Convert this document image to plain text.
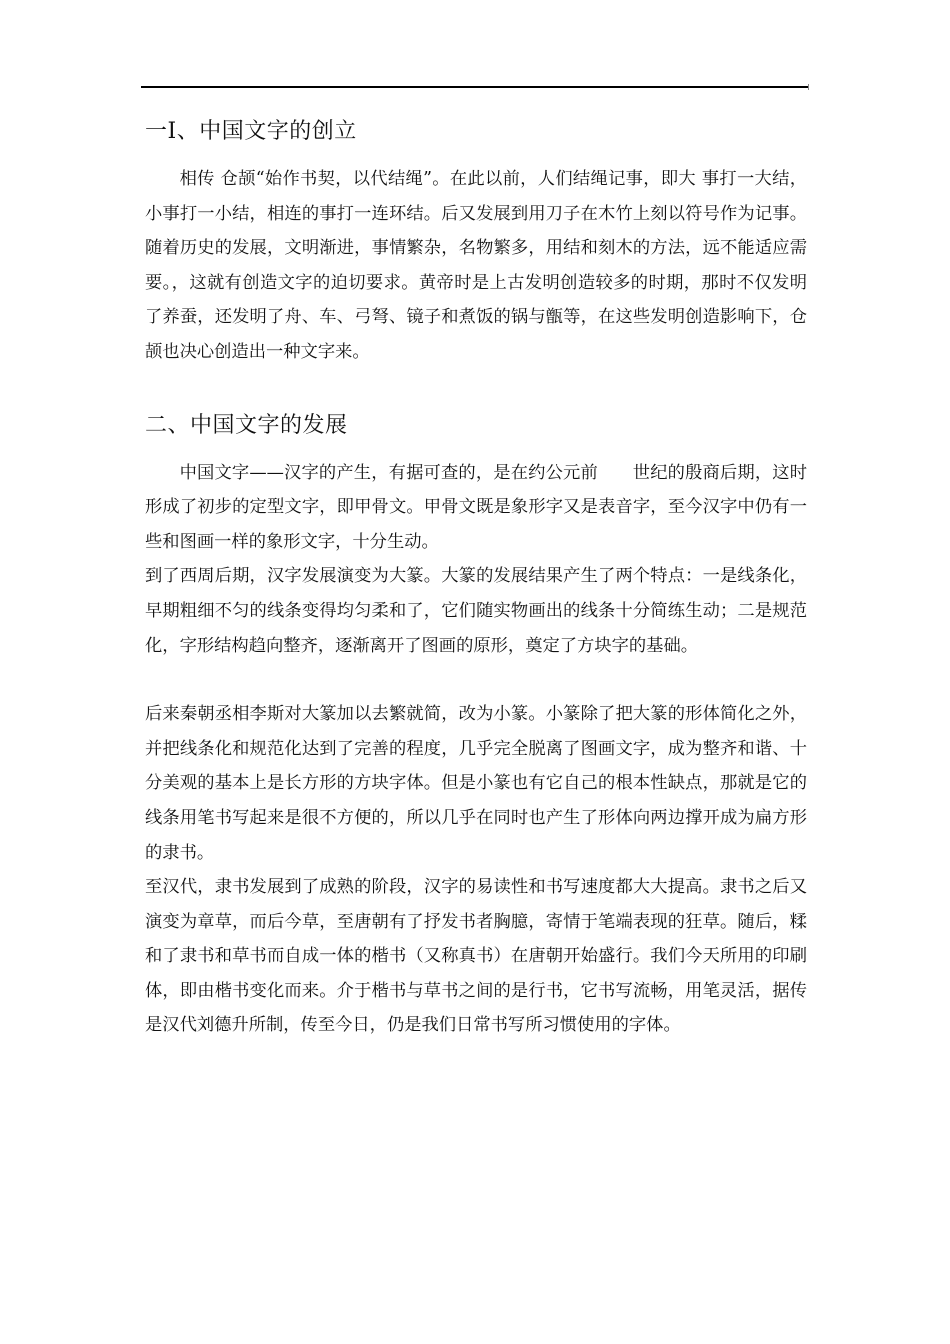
一Ⅰ、中国文字的创立

相传 仓颉“始作书契，以代结绳”。在此以前，人们结绳记事，即大 事打一大结，小事打一小结，相连的事打一连环结。后又发展到用刀子在木竹上刻以符号作为记事。随着历史的发展，文明渐进，事情繁杂，名物繁多，用结和刻木的方法，远不能适应需要。，这就有创造文字的迫切要求。黄帝时是上古发明创造较多的时期，那时不仅发明了养蚕，还发明了舟、车、弓弩、镜子和煮饭的锅与甑等，在这些发明创造影响下，仓颉也决心创造出一种文字来。

二、中国文字的发展

中国文字——汉字的产生，有据可查的，是在约公元前　　世纪的殷商后期，这时形成了初步的定型文字，即甲骨文。甲骨文既是象形字又是表音字，至今汉字中仍有一些和图画一样的象形文字，十分生动。

到了西周后期，汉字发展演变为大篆。大篆的发展结果产生了两个特点：一是线条化，早期粗细不匀的线条变得均匀柔和了，它们随实物画出的线条十分简练生动；二是规范化，字形结构趋向整齐，逐渐离开了图画的原形，奠定了方块字的基础。

后来秦朝丞相李斯对大篆加以去繁就简，改为小篆。小篆除了把大篆的形体简化之外，并把线条化和规范化达到了完善的程度，几乎完全脱离了图画文字，成为整齐和谐、十分美观的基本上是长方形的方块字体。但是小篆也有它自己的根本性缺点，那就是它的线条用笔书写起来是很不方便的，所以几乎在同时也产生了形体向两边撑开成为扁方形的隶书。

至汉代，隶书发展到了成熟的阶段，汉字的易读性和书写速度都大大提高。隶书之后又演变为章草，而后今草，至唐朝有了抒发书者胸臆，寄情于笔端表现的狂草。随后，糅和了隶书和草书而自成一体的楷书（又称真书）在唐朝开始盛行。我们今天所用的印刷体，即由楷书变化而来。介于楷书与草书之间的是行书，它书写流畅，用笔灵活，据传是汉代刘德升所制，传至今日，仍是我们日常书写所习惯使用的字体。
